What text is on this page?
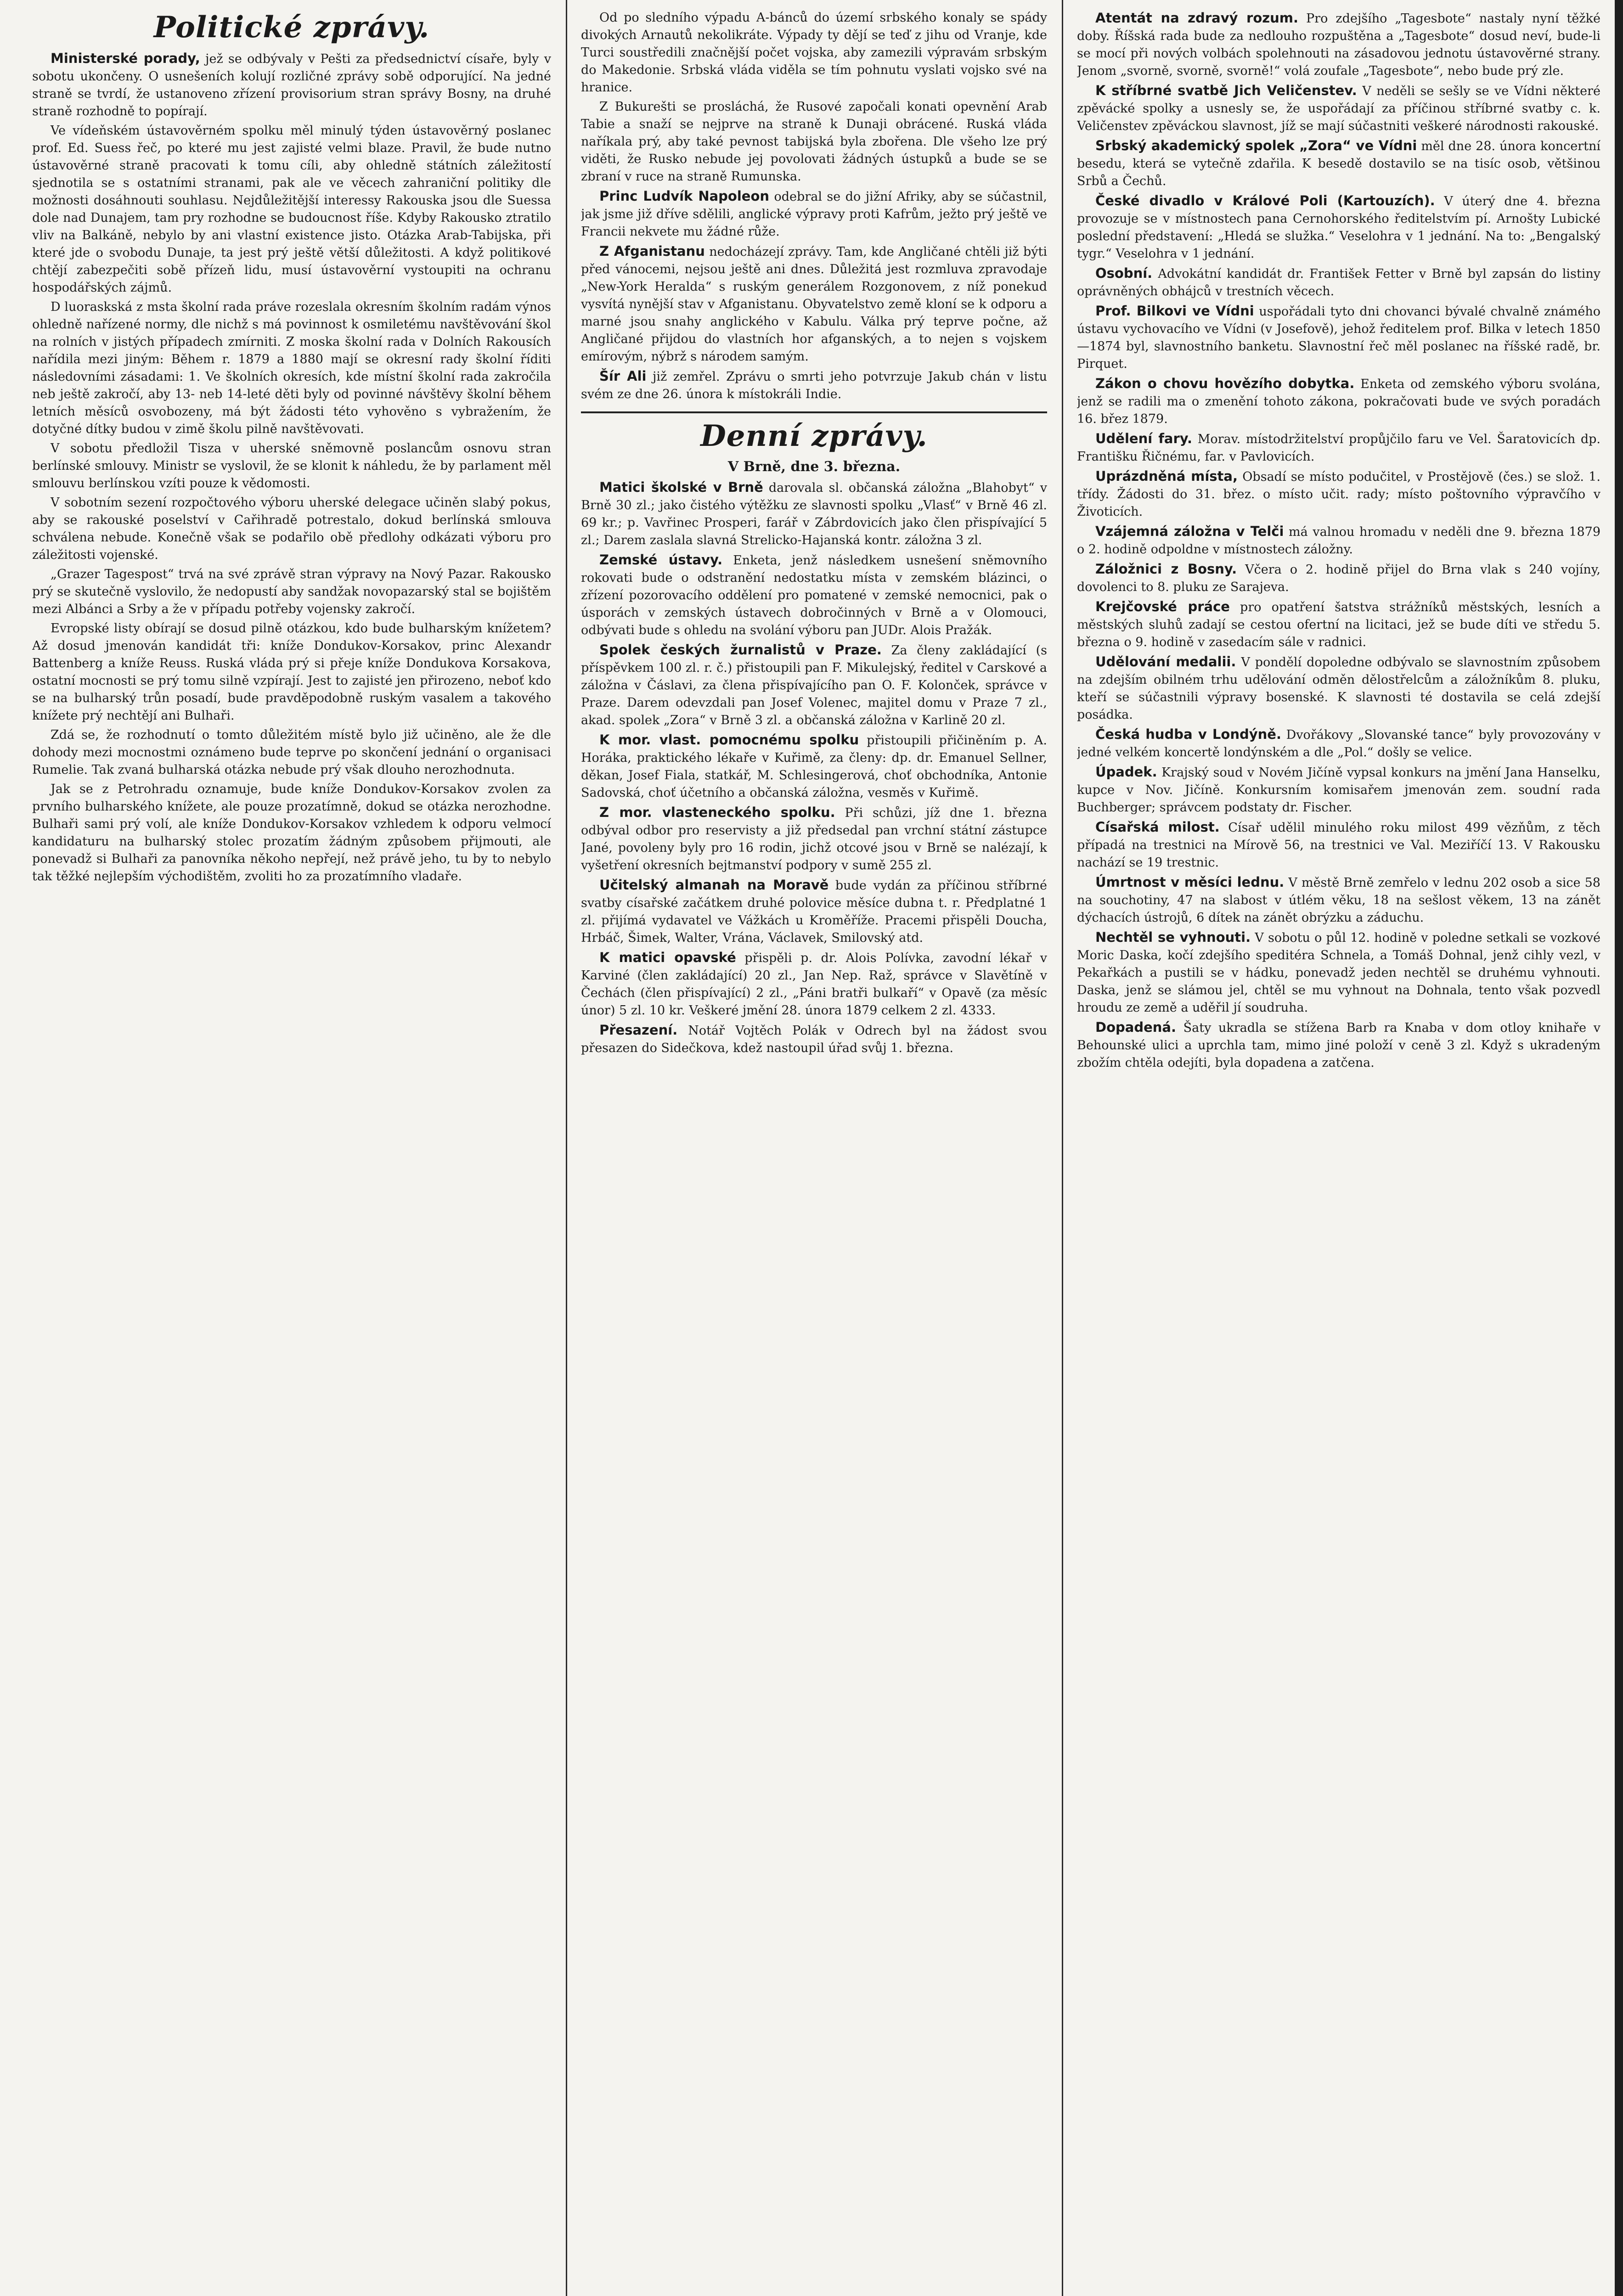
Politické zprávy.

Ministerské porady, jež se odbývaly v Pešti za předsednictví císaře, byly v sobotu ukončeny. O usnešeních kolují rozličné zprávy sobě odporující. Na jedné straně se tvrdí, že ustanoveno zřízení provisorium stran správy Bosny, na druhé straně rozhodně to popírají.

Ve vídeňském ústavověrném spolku měl minulý týden ústavověrný poslanec prof. Ed. Suess řeč, po které mu jest zajisté velmi blaze. Pravil, že bude nutno ústavověrné straně pracovati k tomu cíli, aby ohledně státních záležitostí sjednotila se s ostatními stranami, pak ale ve věcech zahraniční politiky dle možnosti dosáhnouti souhlasu. Nejdůležitější interessy Rakouska jsou dle Suessa dole nad Dunajem, tam pry rozhodne se budoucnost říše. Kdyby Rakousko ztratilo vliv na Balkáně, nebylo by ani vlastní existence jisto. Otázka Arab-Tabijska, při které jde o svobodu Dunaje, ta jest prý ještě větší důležitosti. A když politikové chtějí zabezpečiti sobě přízeň lidu, musí ústavověrní vystoupiti na ochranu hospodářských zájmů.

D luoraskská z msta školní rada práve rozeslala okresním školním radám výnos ohledně nařízené normy, dle nichž s má povinnost k osmiletému navštěvování škol na rolních v jistých případech zmírniti. Z moska školní rada v Dolních Rakousích nařídila mezi jiným: Během r. 1879 a 1880 mají se okresní rady školní říditi následovními zásadami: 1. Ve školních okresích, kde místní školní rada zakročila neb ještě zakročí, aby 13- neb 14-leté děti byly od povinné návštěvy školní během letních měsíců osvobozeny, má být žádosti této vyhověno s vybražením, že dotyčné dítky budou v zimě školu pilně navštěvovati.

V sobotu předložil Tisza v uherské sněmovně poslancům osnovu stran berlínské smlouvy. Ministr se vyslovil, že se klonit k náhledu, že by parlament měl smlouvu berlínskou vzíti pouze k vědomosti.

V sobotním sezení rozpočtového výboru uherské delegace učiněn slabý pokus, aby se rakouské poselství v Cařihradě potrestalo, dokud berlínská smlouva schválena nebude. Konečně však se podařilo obě předlohy odkázati výboru pro záležitosti vojenské.

„Grazer Tagespost“ trvá na své zprávě stran výpravy na Nový Pazar. Rakousko prý se skutečně vyslovilo, že nedopustí aby sandžak novopazarský stal se bojištěm mezi Albánci a Srby a že v případu potřeby vojensky zakročí.

Evropské listy obírají se dosud pilně otázkou, kdo bude bulharským knížetem? Až dosud jmenován kandidát tři: kníže Dondukov-Korsakov, princ Alexandr Battenberg a kníže Reuss. Ruská vláda prý si přeje kníže Dondukova Korsakova, ostatní mocnosti se prý tomu silně vzpírají. Jest to zajisté jen přirozeno, neboť kdo se na bulharský trůn posadí, bude pravděpodobně ruským vasalem a takového knížete prý nechtějí ani Bulhaři.

Zdá se, že rozhodnutí o tomto důležitém místě bylo již učiněno, ale že dle dohody mezi mocnostmi oznámeno bude teprve po skončení jednání o organisaci Rumelie. Tak zvaná bulharská otázka nebude prý však dlouho nerozhodnuta.

Jak se z Petrohradu oznamuje, bude kníže Dondukov-Korsakov zvolen za prvního bulharského knížete, ale pouze prozatímně, dokud se otázka nerozhodne. Bulhaři sami prý volí, ale kníže Dondukov-Korsakov vzhledem k odporu velmocí kandidaturu na bulharský stolec prozatím žádným způsobem přijmouti, ale ponevadž si Bulhaři za panovníka někoho nepřejí, než právě jeho, tu by to nebylo tak těžké nejlepším východištěm, zvoliti ho za prozatímního vladaře.

Od po sledního výpadu A-bánců do území srbského konaly se spády divokých Arnautů nekolikráte. Výpady ty dějí se teď z jihu od Vranje, kde Turci soustředili značnější počet vojska, aby zamezili výpravám srbským do Makedonie. Srbská vláda viděla se tím pohnutu vyslati vojsko své na hranice.

Z Bukurešti se prosláchá, že Rusové započali konati opevnění Arab Tabie a snaží se nejprve na straně k Dunaji obrácené. Ruská vláda naříkala prý, aby také pevnost tabijská byla zbořena. Dle všeho lze prý viděti, že Rusko nebude jej povolovati žádných ústupků a bude se se zbraní v ruce na straně Rumunska.

Princ Ludvík Napoleon odebral se do jižní Afriky, aby se súčastnil, jak jsme již dříve sdělili, anglické výpravy proti Kafrům, ježto prý ještě ve Francii nekvete mu žádné růže.

Z Afganistanu nedocházejí zprávy. Tam, kde Angličané chtěli již býti před vánocemi, nejsou ještě ani dnes. Důležitá jest rozmluva zpravodaje „New-York Heralda“ s ruským generálem Rozgonovem, z níž ponekud vysvítá nynější stav v Afganistanu. Obyvatelstvo země kloní se k odporu a marné jsou snahy anglického v Kabulu. Válka prý teprve počne, až Angličané přijdou do vlastních hor afganských, a to nejen s vojskem emírovým, nýbrž s národem samým.

Šír Ali již zemřel. Zprávu o smrti jeho potvrzuje Jakub chán v listu svém ze dne 26. února k místokráli Indie.

Denní zprávy.
V Brně, dne 3. března.

Matici školské v Brně darovala sl. občanská záložna „Blahobyt“ v Brně 30 zl.; jako čistého výtěžku ze slavnosti spolku „Vlasť“ v Brně 46 zl. 69 kr.; p. Vavřinec Prosperi, farář v Zábrdovicích jako člen přispívající 5 zl.; Darem zaslala slavná Strelicko-Hajanská kontr. záložna 3 zl.

Zemské ústavy. Enketa, jenž následkem usnešení sněmovního rokovati bude o odstranění nedostatku místa v zemském blázinci, o zřízení pozorovacího oddělení pro pomatené v zemské nemocnici, pak o úsporách v zemských ústavech dobročinných v Brně a v Olomouci, odbývati bude s ohledu na svolání výboru pan JUDr. Alois Pražák.

Spolek českých žurnalistů v Praze. Za členy zakládající (s příspěvkem 100 zl. r. č.) přistoupili pan F. Mikulejský, ředitel v Carskové a záložna v Čáslavi, za člena přispívajícího pan O. F. Kolonček, správce v Praze. Darem odevzdali pan Josef Volenec, majitel domu v Praze 7 zl., akad. spolek „Zora“ v Brně 3 zl. a občanská záložna v Karlině 20 zl.

K mor. vlast. pomocnému spolku přistoupili přičiněním p. A. Horáka, praktického lékaře v Kuřimě, za členy: dp. dr. Emanuel Sellner, děkan, Josef Fiala, statkář, M. Schlesingerová, choť obchodníka, Antonie Sadovská, choť účetního a občanská záložna, vesměs v Kuřimě.

Z mor. vlasteneckého spolku. Při schůzi, jíž dne 1. března odbýval odbor pro reservisty a již předsedal pan vrchní státní zástupce Jané, povoleny byly pro 16 rodin, jichž otcové jsou v Brně se nalézají, k vyšetření okresních bejtmanství podpory v sumě 255 zl.

Učitelský almanah na Moravě bude vydán za příčinou stříbrné svatby císařské začátkem druhé polovice měsíce dubna t. r. Předplatné 1 zl. přijímá vydavatel ve Vážkách u Kroměříže. Pracemi přispěli Doucha, Hrbáč, Šimek, Walter, Vrána, Václavek, Smilovský atd.

K matici opavské přispěli p. dr. Alois Polívka, zavodní lékař v Karviné (člen zakládající) 20 zl., Jan Nep. Raž, správce v Slavětíně v Čechách (člen přispívající) 2 zl., „Páni bratři bulkaří“ v Opavě (za měsíc únor) 5 zl. 10 kr. Veškeré jmění 28. února 1879 celkem 2 zl. 4333.

Přesazení. Notář Vojtěch Polák v Odrech byl na žádost svou přesazen do Sidečkova, kdež nastoupil úřad svůj 1. března.

Atentát na zdravý rozum. Pro zdejšího „Tagesbote“ nastaly nyní těžké doby. Říšská rada bude za nedlouho rozpuštěna a „Tagesbote“ dosud neví, bude-li se mocí při nových volbách spolehnouti na zásadovou jednotu ústavověrné strany. Jenom „svorně, svorně, svorně!“ volá zoufale „Tagesbote“, nebo bude prý zle.

K stříbrné svatbě Jich Veličenstev. V neděli se sešly se ve Vídni některé zpěvácké spolky a usnesly se, že uspořádají za příčinou stříbrné svatby c. k. Veličenstev zpěváckou slavnost, jíž se mají súčastniti veškeré národnosti rakouské.

Srbský akademický spolek „Zora“ ve Vídni měl dne 28. února koncertní besedu, která se vytečně zdařila. K besedě dostavilo se na tisíc osob, většinou Srbů a Čechů.

České divadlo v Králové Poli (Kartouzích). V úterý dne 4. března provozuje se v místnostech pana Cernohorského ředitelstvím pí. Arnošty Lubické poslední představení: „Hledá se služka.“ Veselohra v 1 jednání. Na to: „Bengalský tygr.“ Veselohra v 1 jednání.

Osobní. Advokátní kandidát dr. František Fetter v Brně byl zapsán do listiny oprávněných obhájců v trestních věcech.

Prof. Bilkovi ve Vídni uspořádali tyto dni chovanci bývalé chvalně známého ústavu vychovacího ve Vídni (v Josefově), jehož ředitelem prof. Bilka v letech 1850—1874 byl, slavnostního banketu. Slavnostní řeč měl poslanec na říšské radě, br. Pirquet.

Zákon o chovu hovězího dobytka. Enketa od zemského výboru svolána, jenž se radili ma o zmenění tohoto zákona, pokračovati bude ve svých poradách 16. břez 1879.

Udělení fary. Morav. místodržitelství propůjčilo faru ve Vel. Šaratovicích dp. Františku Řičnému, far. v Pavlovicích.

Uprázdněná místa, Obsadí se místo podučitel, v Prostějově (čes.) se slož. 1. třídy. Žádosti do 31. břez. o místo učit. rady; místo poštovního výpravčího v Životicích.

Vzájemná záložna v Telči má valnou hromadu v neděli dne 9. března 1879 o 2. hodině odpoldne v místnostech záložny.

Záložnici z Bosny. Včera o 2. hodině přijel do Brna vlak s 240 vojíny, dovolenci to 8. pluku ze Sarajeva.

Krejčovské práce pro opatření šatstva strážníků městských, lesních a městských sluhů zadají se cestou ofertní na licitaci, jež se bude díti ve středu 5. března o 9. hodině v zasedacím sále v radnici.

Udělování medalii. V pondělí dopoledne odbývalo se slavnostním způsobem na zdejším obilném trhu udělování odměn dělostřelcům a záložníkům 8. pluku, kteří se súčastnili výpravy bosenské. K slavnosti té dostavila se celá zdejší posádka.

Česká hudba v Londýně. Dvořákovy „Slovanské tance“ byly provozovány v jedné velkém koncertě londýnském a dle „Pol.“ došly se velice.

Úpadek. Krajský soud v Novém Jičíně vypsal konkurs na jmění Jana Hanselku, kupce v Nov. Jičíně. Konkursním komisařem jmenován zem. soudní rada Buchberger; správcem podstaty dr. Fischer.

Císařská milost. Císař udělil minulého roku milost 499 vězňům, z těch případá na trestnici na Mírově 56, na trestnici ve Val. Meziříčí 13. V Rakousku nachází se 19 trestnic.

Úmrtnost v měsíci lednu. V městě Brně zemřelo v lednu 202 osob a sice 58 na souchotiny, 47 na slabost v útlém věku, 18 na sešlost věkem, 13 na zánět dýchacích ústrojů, 6 dítek na zánět obrýzku a záduchu.

Nechtěl se vyhnouti. V sobotu o půl 12. hodině v poledne setkali se vozkové Moric Daska, kočí zdejšího speditéra Schnela, a Tomáš Dohnal, jenž cihly vezl, v Pekařkách a pustili se v hádku, ponevadž jeden nechtěl se druhému vyhnouti. Daska, jenž se slámou jel, chtěl se mu vyhnout na Dohnala, tento však pozvedl hroudu ze země a uděřil jí soudruha.

Dopadená. Šaty ukradla se stížena Barb ra Knaba v dom otloy knihaře v Behounské ulici a uprchla tam, mimo jiné položí v ceně 3 zl. Když s ukradeným zbožím chtěla odejíti, byla dopadena a zatčena.
